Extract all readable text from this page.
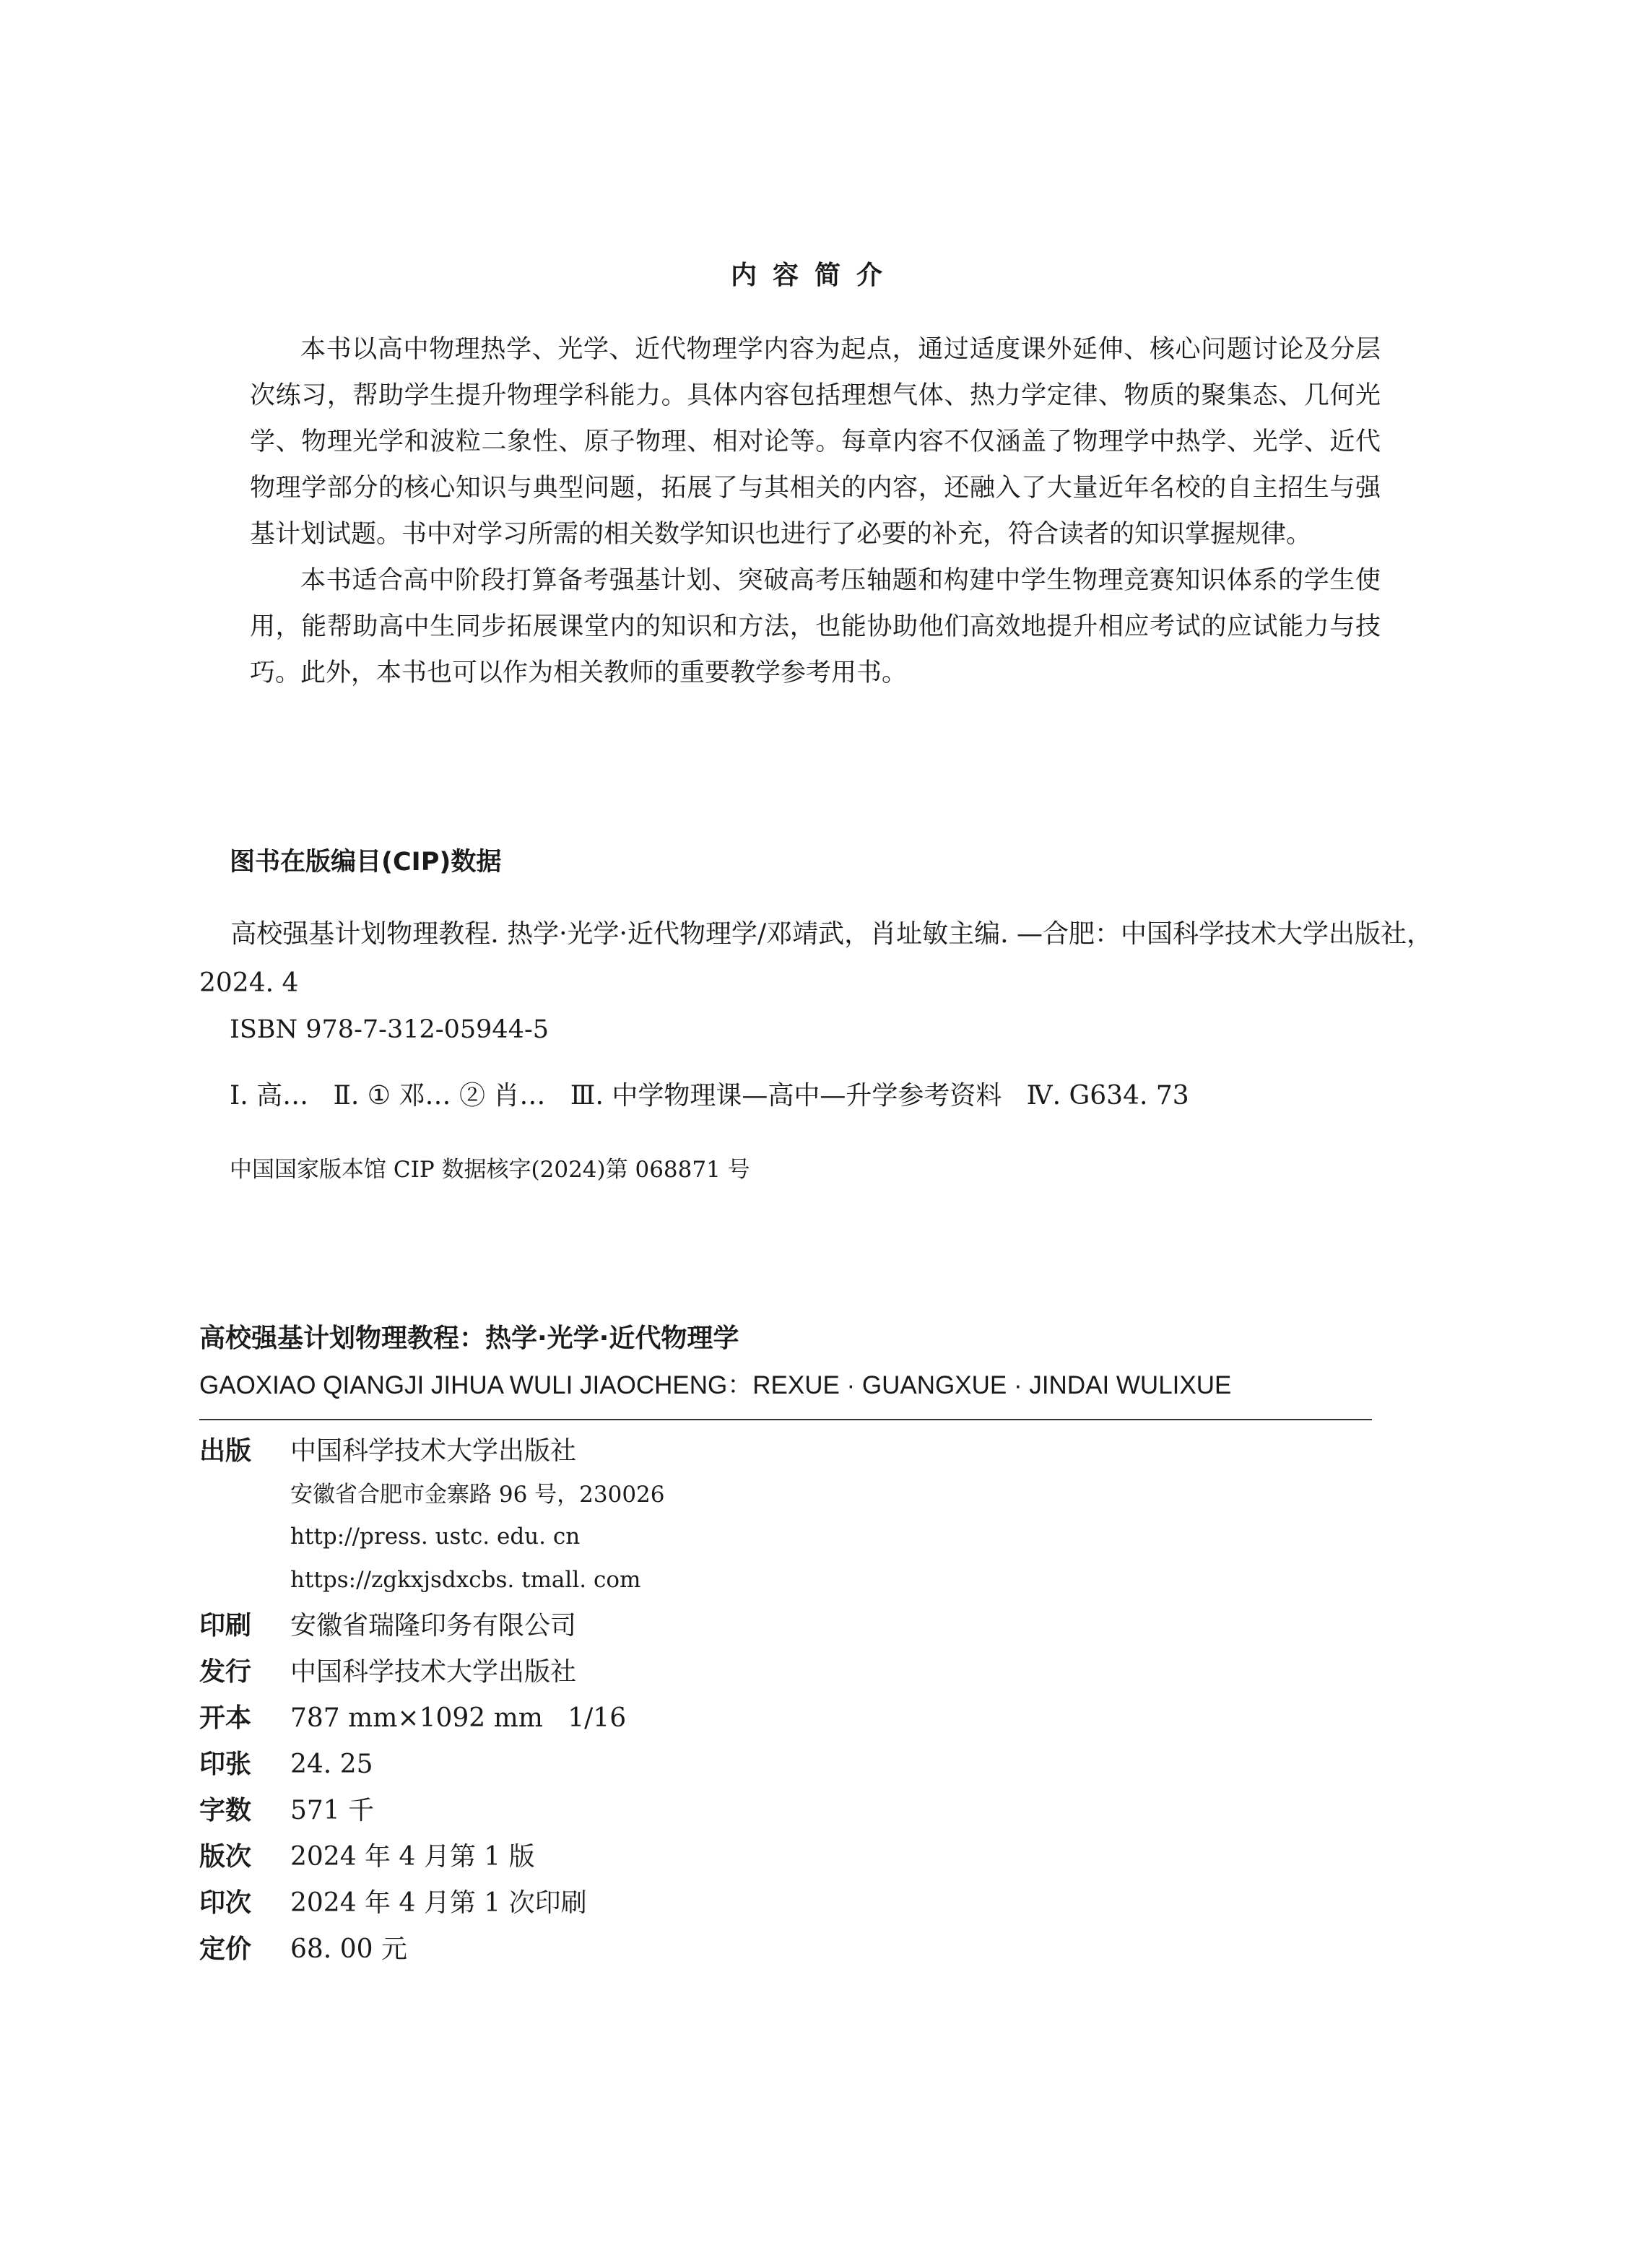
内容简介

本书以高中物理热学、光学、近代物理学内容为起点，通过适度课外延伸、核心问题讨论及分层次练习，帮助学生提升物理学科能力。具体内容包括理想气体、热力学定律、物质的聚集态、几何光学、物理光学和波粒二象性、原子物理、相对论等。每章内容不仅涵盖了物理学中热学、光学、近代物理学部分的核心知识与典型问题，拓展了与其相关的内容，还融入了大量近年名校的自主招生与强基计划试题。书中对学习所需的相关数学知识也进行了必要的补充，符合读者的知识掌握规律。

本书适合高中阶段打算备考强基计划、突破高考压轴题和构建中学生物理竞赛知识体系的学生使用，能帮助高中生同步拓展课堂内的知识和方法，也能协助他们高效地提升相应考试的应试能力与技巧。此外，本书也可以作为相关教师的重要教学参考用书。

图书在版编目(CIP)数据

高校强基计划物理教程. 热学·光学·近代物理学/邓靖武，肖址敏主编. —合肥：中国科学技术大学出版社，2024. 4

ISBN 978-7-312-05944-5
Ⅰ. 高…   Ⅱ. ① 邓… ② 肖…   Ⅲ. 中学物理课—高中—升学参考资料   Ⅳ. G634. 73
中国国家版本馆 CIP 数据核字(2024)第 068871 号
高校强基计划物理教程：热学·光学·近代物理学
GAOXIAO QIANGJI JIHUA WULI JIAOCHENG：REXUE · GUANGXUE · JINDAI WULIXUE
出版 中国科学技术大学出版社
安徽省合肥市金寨路 96 号，230026
http://press. ustc. edu. cn
https://zgkxjsdxcbs. tmall. com
印刷 安徽省瑞隆印务有限公司
发行 中国科学技术大学出版社
开本 787 mm×1092 mm   1/16
印张 24. 25
字数 571 千
版次 2024 年 4 月第 1 版
印次 2024 年 4 月第 1 次印刷
定价 68. 00 元
